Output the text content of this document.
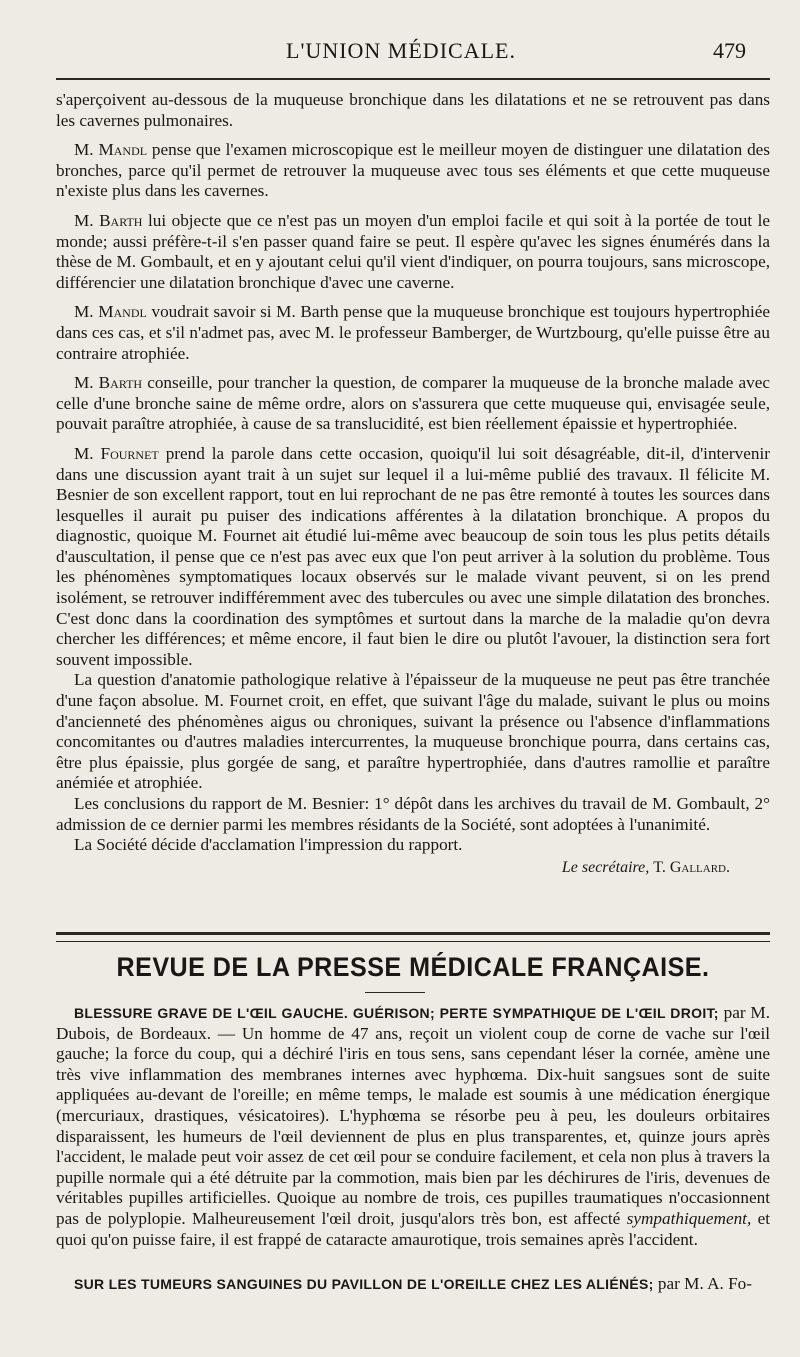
L'UNION MÉDICALE.	479

s'aperçoivent au-dessous de la muqueuse bronchique dans les dilatations et ne se retrouvent pas dans les cavernes pulmonaires.

M. Mandl pense que l'examen microscopique est le meilleur moyen de distinguer une dilatation des bronches, parce qu'il permet de retrouver la muqueuse avec tous ses éléments et que cette muqueuse n'existe plus dans les cavernes.

M. Barth lui objecte que ce n'est pas un moyen d'un emploi facile et qui soit à la portée de tout le monde; aussi préfère-t-il s'en passer quand faire se peut. Il espère qu'avec les signes énumérés dans la thèse de M. Gombault, et en y ajoutant celui qu'il vient d'indiquer, on pourra toujours, sans microscope, différencier une dilatation bronchique d'avec une caverne.

M. Mandl voudrait savoir si M. Barth pense que la muqueuse bronchique est toujours hypertrophiée dans ces cas, et s'il n'admet pas, avec M. le professeur Bamberger, de Wurtzbourg, qu'elle puisse être au contraire atrophiée.

M. Barth conseille, pour trancher la question, de comparer la muqueuse de la bronche malade avec celle d'une bronche saine de même ordre, alors on s'assurera que cette muqueuse qui, envisagée seule, pouvait paraître atrophiée, à cause de sa translucidité, est bien réellement épaissie et hypertrophiée.

M. Fournet prend la parole dans cette occasion, quoiqu'il lui soit désagréable, dit-il, d'intervenir dans une discussion ayant trait à un sujet sur lequel il a lui-même publié des travaux. Il félicite M. Besnier de son excellent rapport, tout en lui reprochant de ne pas être remonté à toutes les sources dans lesquelles il aurait pu puiser des indications afférentes à la dilatation bronchique. A propos du diagnostic, quoique M. Fournet ait étudié lui-même avec beaucoup de soin tous les plus petits détails d'auscultation, il pense que ce n'est pas avec eux que l'on peut arriver à la solution du problème. Tous les phénomènes symptomatiques locaux observés sur le malade vivant peuvent, si on les prend isolément, se retrouver indifféremment avec des tubercules ou avec une simple dilatation des bronches. C'est donc dans la coordination des symptômes et surtout dans la marche de la maladie qu'on devra chercher les différences; et même encore, il faut bien le dire ou plutôt l'avouer, la distinction sera fort souvent impossible.

La question d'anatomie pathologique relative à l'épaisseur de la muqueuse ne peut pas être tranchée d'une façon absolue. M. Fournet croit, en effet, que suivant l'âge du malade, suivant le plus ou moins d'ancienneté des phénomènes aigus ou chroniques, suivant la présence ou l'absence d'inflammations concomitantes ou d'autres maladies intercurrentes, la muqueuse bronchique pourra, dans certains cas, être plus épaissie, plus gorgée de sang, et paraître hypertrophiée, dans d'autres ramollie et paraître anémiée et atrophiée.

Les conclusions du rapport de M. Besnier: 1° dépôt dans les archives du travail de M. Gombault, 2° admission de ce dernier parmi les membres résidants de la Société, sont adoptées à l'unanimité.

La Société décide d'acclamation l'impression du rapport.

Le secrétaire, T. Gallard.
REVUE DE LA PRESSE MÉDICALE FRANÇAISE.

BLESSURE GRAVE DE L'ŒIL GAUCHE. GUÉRISON; PERTE SYMPATHIQUE DE L'ŒIL DROIT; par M. Dubois, de Bordeaux. — Un homme de 47 ans, reçoit un violent coup de corne de vache sur l'œil gauche; la force du coup, qui a déchiré l'iris en tous sens, sans cependant léser la cornée, amène une très vive inflammation des membranes internes avec hyphœma. Dix-huit sangsues sont de suite appliquées au-devant de l'oreille; en même temps, le malade est soumis à une médication énergique (mercuriaux, drastiques, vésicatoires). L'hyphœma se résorbe peu à peu, les douleurs orbitaires disparaissent, les humeurs de l'œil deviennent de plus en plus transparentes, et, quinze jours après l'accident, le malade peut voir assez de cet œil pour se conduire facilement, et cela non plus à travers la pupille normale qui a été détruite par la commotion, mais bien par les déchirures de l'iris, devenues de véritables pupilles artificielles. Quoique au nombre de trois, ces pupilles traumatiques n'occasionnent pas de polyplopie. Malheureusement l'œil droit, jusqu'alors très bon, est affecté sympathiquement, et quoi qu'on puisse faire, il est frappé de cataracte amaurotique, trois semaines après l'accident.

SUR LES TUMEURS SANGUINES DU PAVILLON DE L'OREILLE CHEZ LES ALIÉNÉS; par M. A. Fo-
